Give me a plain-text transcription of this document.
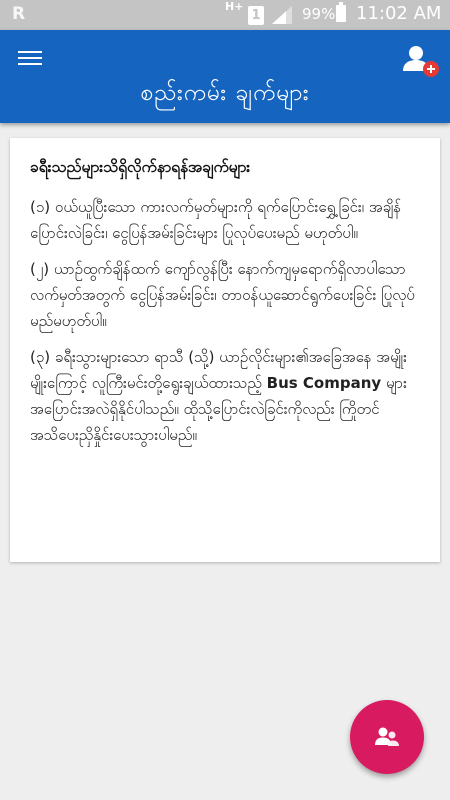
R	H+
1	99% 11:02 AM
စည်းကမ်း ချက်များ
ခရီးသည်များသိရှိလိုက်နာရန်အချက်များ

(၁) ဝယ်ယူပြီးသော ကားလက်မှတ်များကို ရက်ပြောင်းရွှေ့ခြင်း၊ အချိန်ပြောင်းလဲခြင်း၊ ငွေပြန်အမ်းခြင်းများ ပြုလုပ်ပေးမည် မဟုတ်ပါ။

(၂) ယာဥ်ထွက်ချိန်ထက် ကျော်လွန်ပြီး နောက်ကျမှရောက်ရှိလာပါသော လက်မှတ်အတွက် ငွေပြန်အမ်းခြင်း၊ တာဝန်ယူဆောင်ရွက်ပေးခြင်း ပြုလုပ်မည်မဟုတ်ပါ။

(၃) ခရီးသွားများသော ရာသီ (သို့) ယာဥ်လိုင်းများ၏အခြေအနေ အမျိုးမျိုးကြောင့် လူကြီးမင်းတို့ရွေးချယ်ထားသည့် Bus Company များ အပြောင်းအလဲရှိနိုင်ပါသည်။ ထိုသို့ပြောင်းလဲခြင်းကိုလည်း ကြိုတင်အသိပေးညှိနှိုင်းပေးသွားပါမည်။
